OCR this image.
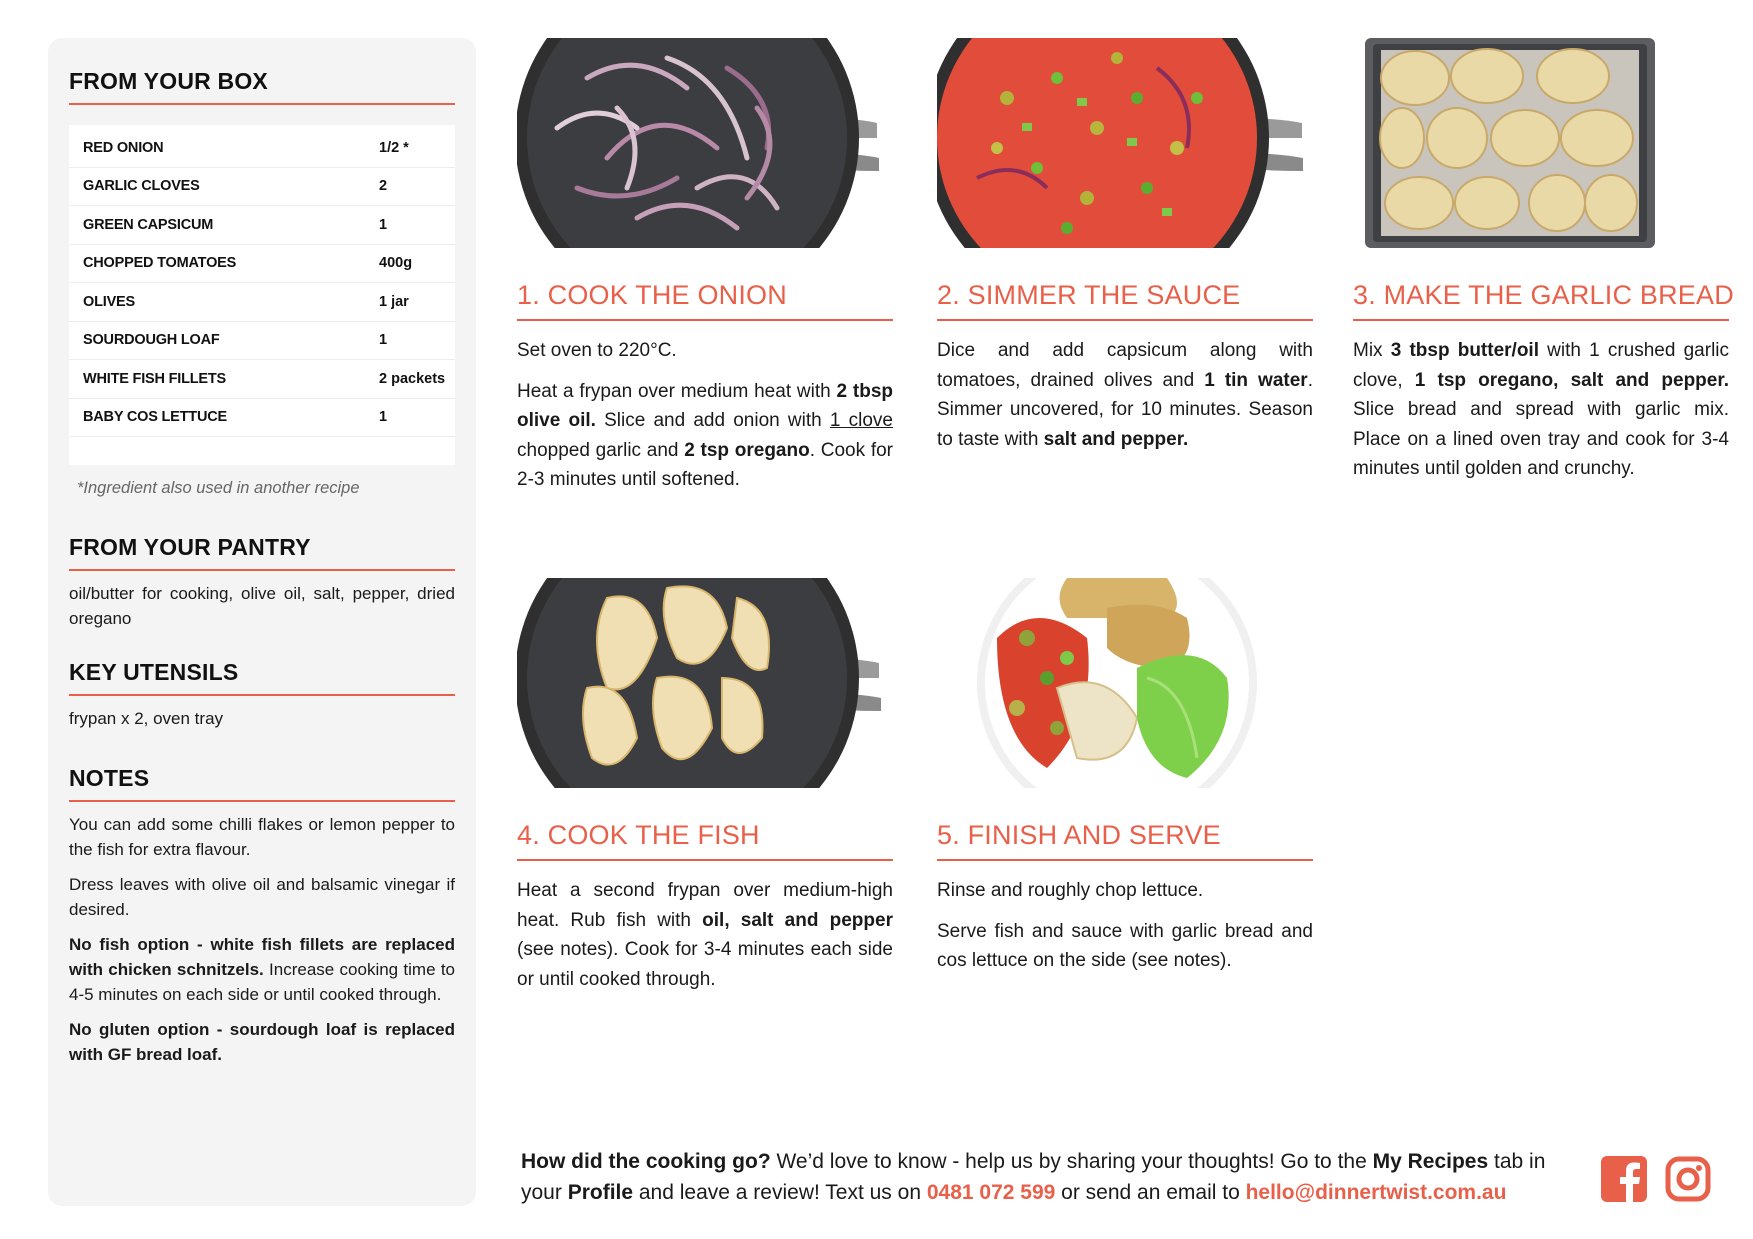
FROM YOUR BOX
RED ONION	1/2 *
GARLIC CLOVES	2
GREEN CAPSICUM	1
CHOPPED TOMATOES	400g
OLIVES	1 jar
SOURDOUGH LOAF	1
WHITE FISH FILLETS	2 packets
BABY COS LETTUCE	1
*Ingredient also used in another recipe
FROM YOUR PANTRY

oil/butter for cooking, olive oil, salt, pepper, dried oregano

KEY UTENSILS

frypan x 2, oven tray

NOTES

You can add some chilli flakes or lemon pepper to the fish for extra flavour.

Dress leaves with olive oil and balsamic vinegar if desired.

No fish option - white fish fillets are replaced with chicken schnitzels. Increase cooking time to 4-5 minutes on each side or until cooked through.

No gluten option - sourdough loaf is replaced with GF bread loaf.

1. COOK THE ONION

Set oven to 220°C.

Heat a frypan over medium heat with 2 tbsp olive oil. Slice and add onion with 1 clove chopped garlic and 2 tsp oregano. Cook for 2-3 minutes until softened.

2. SIMMER THE SAUCE

Dice and add capsicum along with tomatoes, drained olives and 1 tin water. Simmer uncovered, for 10 minutes. Season to taste with salt and pepper.

3. MAKE THE GARLIC BREAD

Mix 3 tbsp butter/oil with 1 crushed garlic clove, 1 tsp oregano, salt and pepper. Slice bread and spread with garlic mix. Place on a lined oven tray and cook for 3-4 minutes until golden and crunchy.

4. COOK THE FISH

Heat a second frypan over medium-high heat. Rub fish with oil, salt and pepper (see notes). Cook for 3-4 minutes each side or until cooked through.

5. FINISH AND SERVE

Rinse and roughly chop lettuce.

Serve fish and sauce with garlic bread and cos lettuce on the side (see notes).

How did the cooking go? We’d love to know - help us by sharing your thoughts! Go to the My Recipes tab in your Profile and leave a review! Text us on 0481 072 599 or send an email to hello@dinnertwist.com.au
